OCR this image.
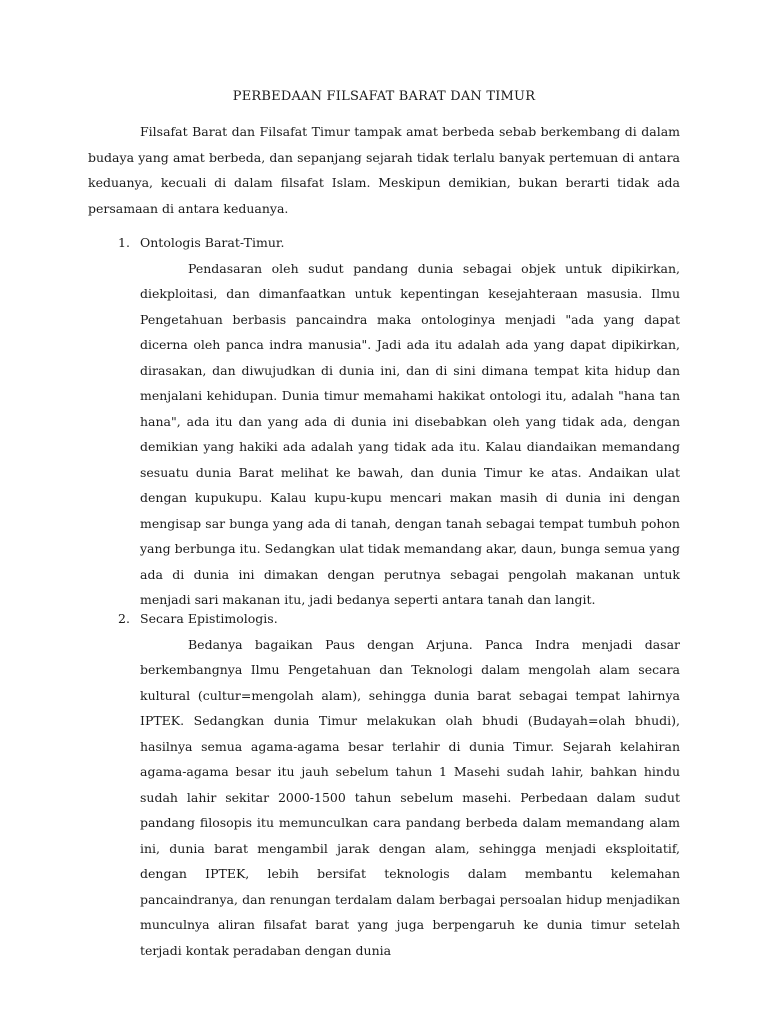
PERBEDAAN FILSAFAT BARAT DAN TIMUR

Filsafat Barat dan Filsafat Timur tampak amat berbeda sebab berkembang di dalam budaya yang amat berbeda, dan sepanjang sejarah tidak terlalu banyak pertemuan di antara keduanya, kecuali di dalam filsafat Islam. Meskipun demikian, bukan berarti tidak ada persamaan di antara keduanya.

1. Ontologis Barat-Timur.

Pendasaran oleh sudut pandang dunia sebagai objek untuk dipikirkan, diekploitasi, dan dimanfaatkan untuk kepentingan kesejahteraan masusia. Ilmu Pengetahuan berbasis pancaindra maka ontologinya menjadi "ada yang dapat dicerna oleh panca indra manusia". Jadi ada itu adalah ada yang dapat dipikirkan, dirasakan, dan diwujudkan di dunia ini, dan di sini dimana tempat kita hidup dan menjalani kehidupan. Dunia timur memahami hakikat ontologi itu, adalah "hana tan hana", ada itu dan yang ada di dunia ini disebabkan oleh yang tidak ada, dengan demikian yang hakiki ada adalah yang tidak ada itu. Kalau diandaikan memandang sesuatu dunia Barat melihat ke bawah, dan dunia Timur ke atas. Andaikan ulat dengan kupukupu. Kalau kupu-kupu mencari makan masih di dunia ini dengan mengisap sar bunga yang ada di tanah, dengan tanah sebagai tempat tumbuh pohon yang berbunga itu. Sedangkan ulat tidak memandang akar, daun, bunga semua yang ada di dunia ini dimakan dengan perutnya sebagai pengolah makanan untuk menjadi sari makanan itu, jadi bedanya seperti antara tanah dan langit.

2. Secara Epistimologis.

Bedanya bagaikan Paus dengan Arjuna. Panca Indra menjadi dasar berkembangnya Ilmu Pengetahuan dan Teknologi dalam mengolah alam secara kultural (cultur=mengolah alam), sehingga dunia barat sebagai tempat lahirnya IPTEK. Sedangkan dunia Timur melakukan olah bhudi (Budayah=olah bhudi), hasilnya semua agama-agama besar terlahir di dunia Timur. Sejarah kelahiran agama-agama besar itu jauh sebelum tahun 1 Masehi sudah lahir, bahkan hindu sudah lahir sekitar 2000-1500 tahun sebelum masehi. Perbedaan dalam sudut pandang filosopis itu memunculkan cara pandang berbeda dalam memandang alam ini, dunia barat mengambil jarak dengan alam, sehingga menjadi eksploitatif, dengan IPTEK, lebih bersifat teknologis dalam membantu kelemahan pancaindranya, dan renungan terdalam dalam berbagai persoalan hidup menjadikan munculnya aliran filsafat barat yang juga berpengaruh ke dunia timur setelah terjadi kontak peradaban dengan dunia
